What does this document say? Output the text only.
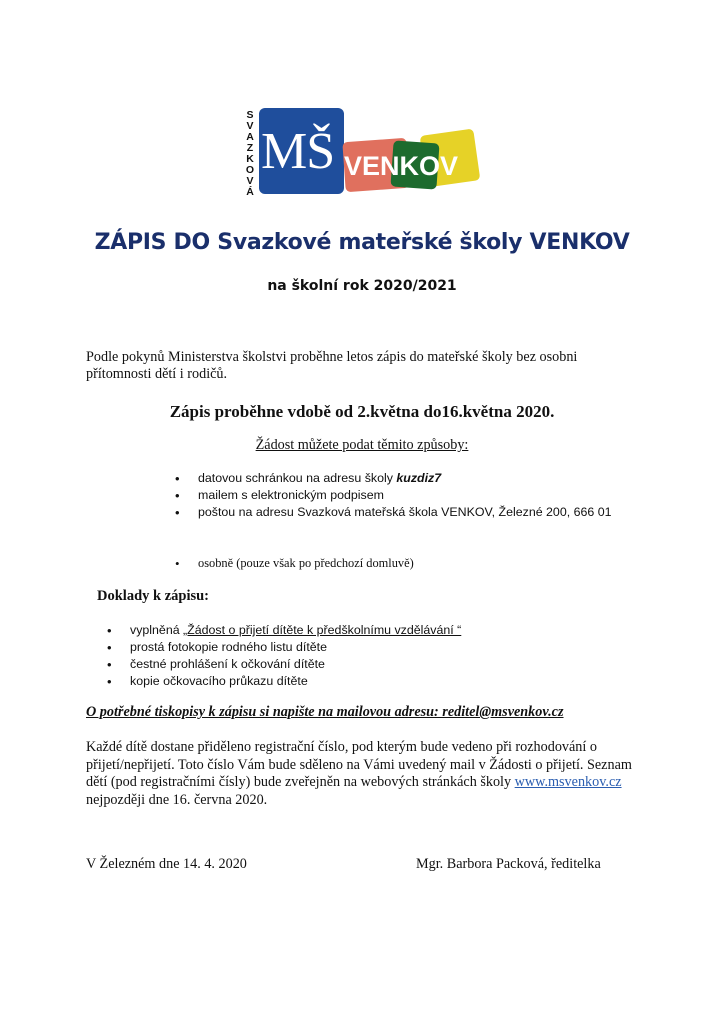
S
V
A
Z
K
O
V
Á
MŠ VENKOV
ZÁPIS DO Svazkové mateřské školy VENKOV
na školní rok 2020/2021
Podle pokynů Ministerstva školstvi proběhne letos zápis do mateřské školy bez osobni přítomnosti dětí i rodičů.
Zápis proběhne vdobě od 2.května do16.května 2020.
Žádost můžete podat těmito způsoby:
• datovou schránkou na adresu školy kuzdiz7
• mailem s elektronickým podpisem
• poštou na adresu Svazková mateřská škola VENKOV, Železné 200, 666 01
• osobně (pouze však po předchozí domluvě)
Doklady k zápisu:
• vyplněná „Žádost o přijetí dítěte k předškolnímu vzdělávání “
• prostá fotokopie rodného listu dítěte
• čestné prohlášení k očkování dítěte
• kopie očkovacího průkazu dítěte
O potřebné tiskopisy k zápisu si napište na mailovou adresu: reditel@msvenkov.cz
Každé dítě dostane přiděleno registrační číslo, pod kterým bude vedeno při rozhodování o přijetí/nepřijetí. Toto číslo Vám bude sděleno na Vámi uvedený mail v Žádosti o přijetí. Seznam dětí (pod registračními čísly) bude zveřejněn na webových stránkách školy www.msvenkov.cz nejpozději dne 16. června 2020.
V Železném dne 14. 4. 2020	Mgr. Barbora Packová, ředitelka
